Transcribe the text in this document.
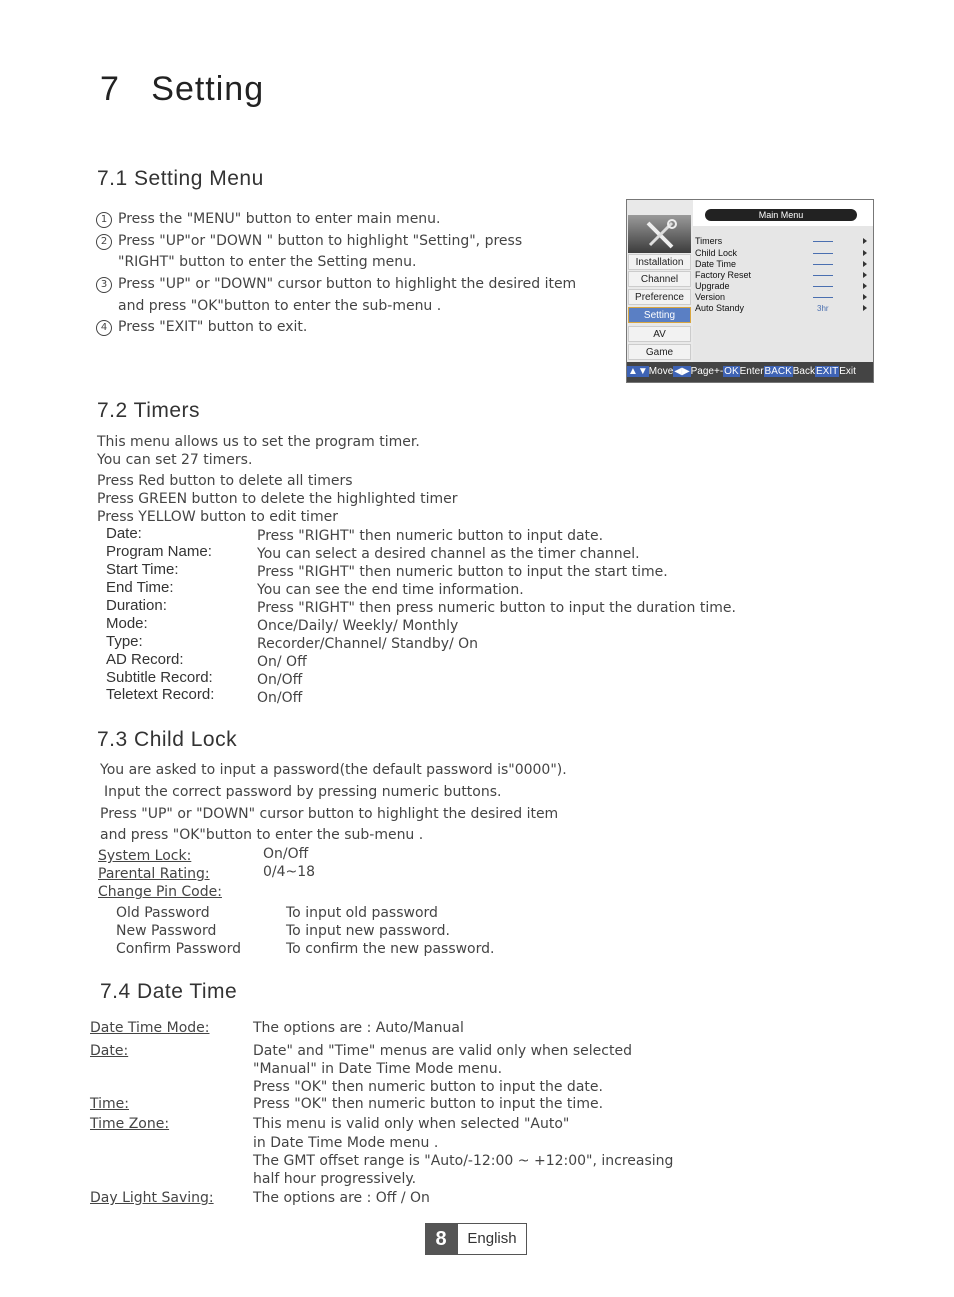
7 Setting
7.1 Setting Menu
1 Press the "MENU" button to enter main menu.
2 Press "UP"or "DOWN " button to highlight "Setting", press
"RIGHT" button to enter the Setting menu.
3 Press "UP" or "DOWN" cursor button to highlight the desired item
and press "OK"button to enter the sub-menu .
4 Press "EXIT" button to exit.
Installation
Channel
Preference
Setting
AV
Game
Main Menu
Timers
Child Lock
Date Time
Factory Reset
Upgrade
Version
Auto Standy	3hr
▲▼Move◀▶Page+-OKEnterBACKBackEXITExit
7.2 Timers
This menu allows us to set the program timer.
You can set 27 timers.
Press Red button to delete all timers
Press GREEN button to delete the highlighted timer
Press YELLOW button to edit timer
Date:	Press "RIGHT" then numeric button to input date.
Program Name:	You can select a desired channel as the timer channel.
Start Time:	Press "RIGHT" then numeric button to input the start time.
End Time:	You can see the end time information.
Duration:	Press "RIGHT" then press numeric button to input the duration time.
Mode:	Once/Daily/ Weekly/ Monthly
Type:	Recorder/Channel/ Standby/ On
AD Record:	On/ Off
Subtitle Record:	On/Off
Teletext Record:	On/Off
7.3 Child Lock
You are asked to input a password(the default password is"0000").
Input the correct password by pressing numeric buttons.
Press "UP" or "DOWN" cursor button to highlight the desired item
and press "OK"button to enter the sub-menu .
System Lock:	On/Off
Parental Rating:	0/4~18
Change Pin Code:
Old Password	To input old password
New Password	To input new password.
Confirm Password	To confirm the new password.
7.4 Date Time
Date Time Mode:	The options are : Auto/Manual
Date:	Date" and "Time" menus are valid only when selected
"Manual" in Date Time Mode menu.
Press "OK" then numeric button to input the date.
Time:	Press "OK" then numeric button to input the time.
Time Zone:	This menu is valid only when selected "Auto"
in Date Time Mode menu .
The GMT offset range is "Auto/-12:00 ~ +12:00", increasing
half hour progressively.
Day Light Saving:	The options are : Off / On
8	English
